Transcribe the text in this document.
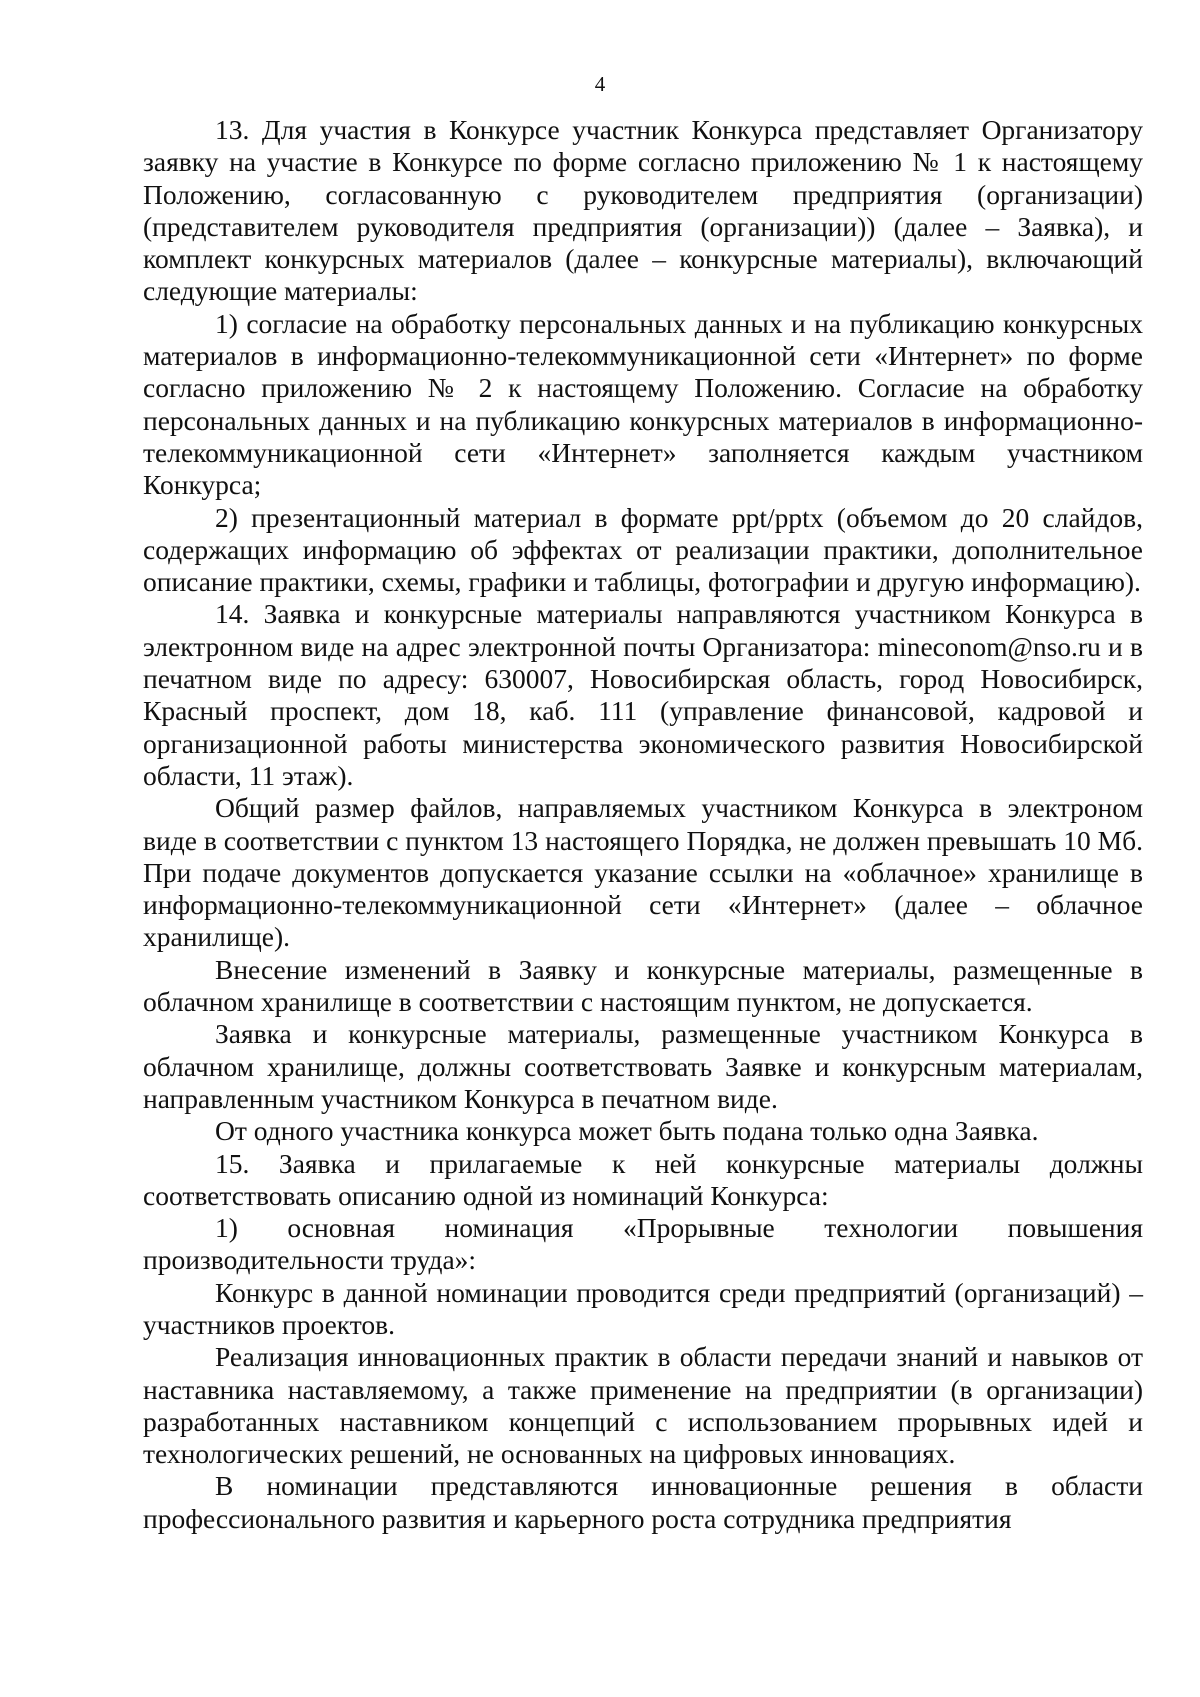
4

13. Для участия в Конкурсе участник Конкурса представляет Организатору заявку на участие в Конкурсе по форме согласно приложению № 1 к настоящему Положению, согласованную с руководителем предприятия (организации) (представителем руководителя предприятия (организации)) (далее – Заявка), и комплект конкурсных материалов (далее – конкурсные материалы), включающий следующие материалы:

1) согласие на обработку персональных данных и на публикацию конкурсных материалов в информационно-телекоммуникационной сети «Интернет» по форме согласно приложению № 2 к настоящему Положению. Согласие на обработку персональных данных и на публикацию конкурсных материалов в информационно-телекоммуникационной сети «Интернет» заполняется каждым участником Конкурса;

2) презентационный материал в формате ppt/pptx (объемом до 20 слайдов, содержащих информацию об эффектах от реализации практики, дополнительное описание практики, схемы, графики и таблицы, фотографии и другую информацию).

14. Заявка и конкурсные материалы направляются участником Конкурса в электронном виде на адрес электронной почты Организатора: mineconom@nso.ru и в печатном виде по адресу: 630007, Новосибирская область, город Новосибирск, Красный проспект, дом 18, каб. 111 (управление финансовой, кадровой и организационной работы министерства экономического развития Новосибирской области, 11 этаж).

Общий размер файлов, направляемых участником Конкурса в электроном виде в соответствии с пунктом 13 настоящего Порядка, не должен превышать 10 Мб. При подаче документов допускается указание ссылки на «облачное» хранилище в информационно-телекоммуникационной сети «Интернет» (далее – облачное хранилище).

Внесение изменений в Заявку и конкурсные материалы, размещенные в облачном хранилище в соответствии с настоящим пунктом, не допускается.

Заявка и конкурсные материалы, размещенные участником Конкурса в облачном хранилище, должны соответствовать Заявке и конкурсным материалам, направленным участником Конкурса в печатном виде.

От одного участника конкурса может быть подана только одна Заявка.

15. Заявка и прилагаемые к ней конкурсные материалы должны соответствовать описанию одной из номинаций Конкурса:

1) основная номинация «Прорывные технологии повышения производительности труда»:

Конкурс в данной номинации проводится среди предприятий (организаций) – участников проектов.

Реализация инновационных практик в области передачи знаний и навыков от наставника наставляемому, а также применение на предприятии (в организации) разработанных наставником концепций с использованием прорывных идей и технологических решений, не основанных на цифровых инновациях.

В номинации представляются инновационные решения в области профессионального развития и карьерного роста сотрудника предприятия
